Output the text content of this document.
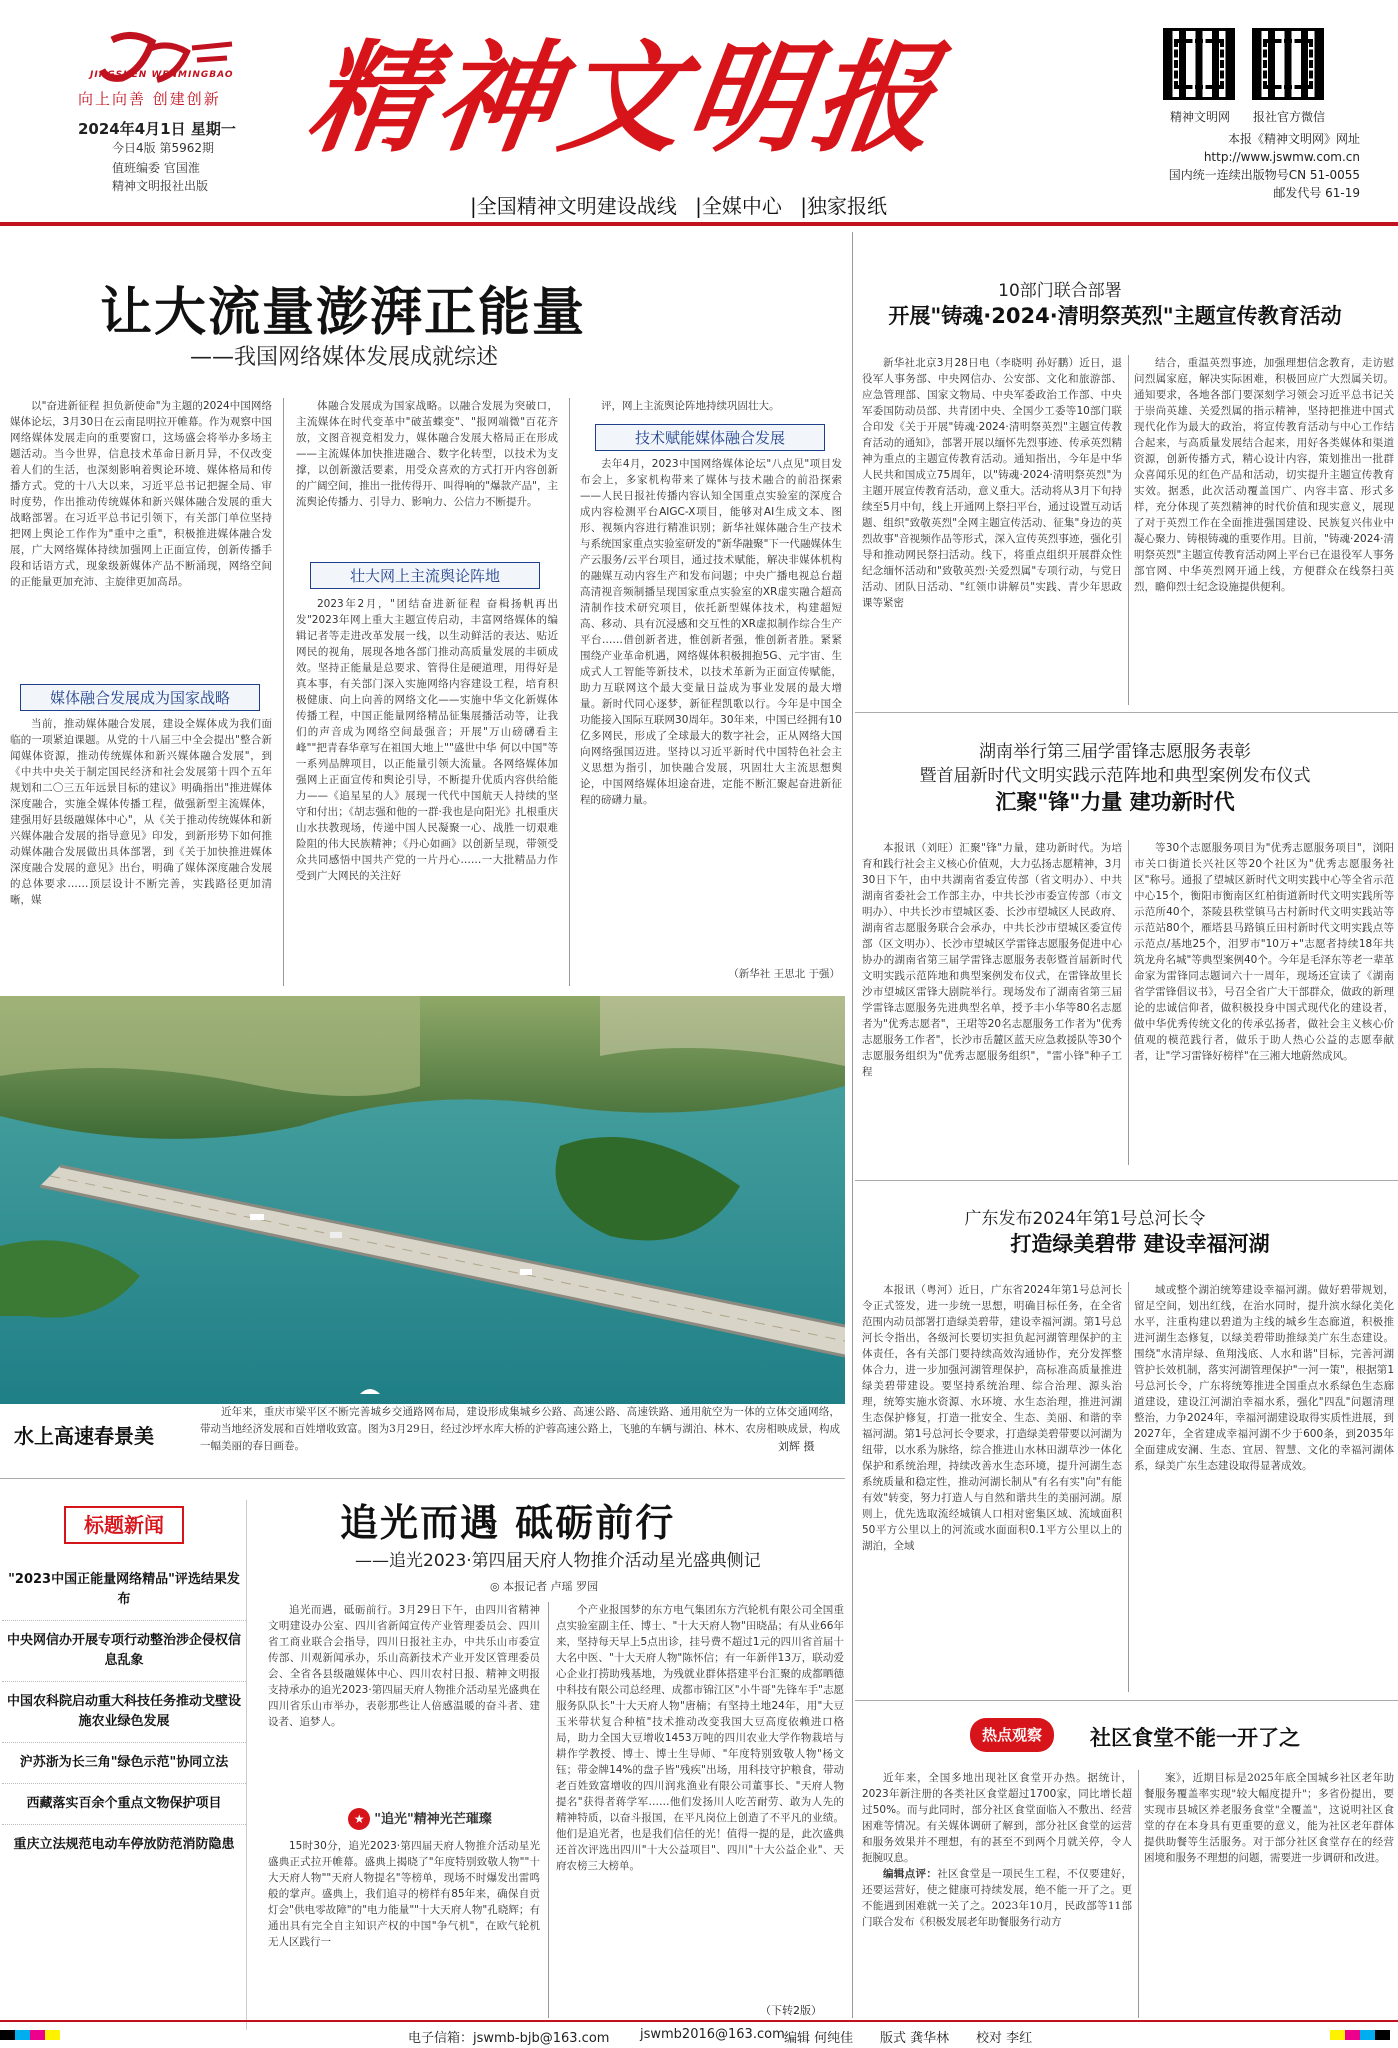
JINGSHEN WENMINGBAO
向上向善 创建创新
2024年4月1日 星期一
今日4版 第5962期
值班编委 官国淮
精神文明报社出版
精神文明报
|全国精神文明建设战线 |全媒中心 |独家报纸
精神文明网	报社官方微信
本报《精神文明网》网址
http://www.jswmw.com.cn
国内统一连续出版物号CN 51-0055
邮发代号 61-19
让大流量澎湃正能量
——我国网络媒体发展成就综述

以"奋进新征程 担负新使命"为主题的2024中国网络媒体论坛，3月30日在云南昆明拉开帷幕。作为观察中国网络媒体发展走向的重要窗口，这场盛会将举办多场主题活动。当今世界，信息技术革命日新月异，不仅改变着人们的生活，也深刻影响着舆论环境、媒体格局和传播方式。党的十八大以来，习近平总书记把握全局、审时度势，作出推动传统媒体和新兴媒体融合发展的重大战略部署。在习近平总书记引领下，有关部门单位坚持把网上舆论工作作为"重中之重"，积极推进媒体融合发展，广大网络媒体持续加强网上正面宣传，创新传播手段和话语方式，现象级新媒体产品不断涌现，网络空间的正能量更加充沛、主旋律更加高昂。

媒体融合发展成为国家战略

当前，推动媒体融合发展，建设全媒体成为我们面临的一项紧迫课题。从党的十八届三中全会提出"整合新闻媒体资源，推动传统媒体和新兴媒体融合发展"，到《中共中央关于制定国民经济和社会发展第十四个五年规划和二〇三五年远景目标的建议》明确指出"推进媒体深度融合，实施全媒体传播工程，做强新型主流媒体，建强用好县级融媒体中心"，从《关于推动传统媒体和新兴媒体融合发展的指导意见》印发，到新形势下如何推动媒体融合发展做出具体部署，到《关于加快推进媒体深度融合发展的意见》出台，明确了媒体深度融合发展的总体要求……顶层设计不断完善，实践路径更加清晰，媒

体融合发展成为国家战略。以融合发展为突破口，主流媒体在时代变革中"破茧蝶变"、"报网端微"百花齐放，文图音视竞相发力，媒体融合发展大格局正在形成——主流媒体加快推进融合、数字化转型，以技术为支撑，以创新激活要素，用受众喜欢的方式打开内容创新的广阔空间，推出一批传得开、叫得响的"爆款产品"，主流舆论传播力、引导力、影响力、公信力不断提升。

壮大网上主流舆论阵地

2023年2月，"团结奋进新征程 奋楫扬帆再出发"2023年网上重大主题宣传启动，丰富网络媒体的编辑记者等走进改革发展一线，以生动鲜活的表达、贴近网民的视角，展现各地各部门推动高质量发展的丰硕成效。坚持正能量是总要求、管得住是硬道理，用得好是真本事，有关部门深入实施网络内容建设工程，培育积极健康、向上向善的网络文化——实施中华文化新媒体传播工程，中国正能量网络精品征集展播活动等，让我们的声音成为网络空间最强音；开展"万山磅礴看主峰""把青春华章写在祖国大地上""盛世中华 何以中国"等一系列品牌项目，以正能量引领大流量。各网络媒体加强网上正面宣传和舆论引导，不断提升优质内容供给能力——《追星星的人》展现一代代中国航天人持续的坚守和付出；《胡志强和他的一群·我也是向阳光》扎根重庆山水扶教现场，传递中国人民凝聚一心、战胜一切艰难险阻的伟大民族精神；《丹心如画》以创新呈现，带领受众共同感悟中国共产党的一片丹心……一大批精品力作受到广大网民的关注好

评，网上主流舆论阵地持续巩固壮大。

技术赋能媒体融合发展

去年4月，2023中国网络媒体论坛"八点见"项目发布会上，多家机构带来了媒体与技术融合的前沿探索——人民日报社传播内容认知全国重点实验室的深度合成内容检测平台AIGC-X项目，能够对AI生成文本、图形、视频内容进行精准识别；新华社媒体融合生产技术与系统国家重点实验室研发的"新华融聚"下一代融媒体生产云服务/云平台项目，通过技术赋能，解决非媒体机构的融媒互动内容生产和发布问题；中央广播电视总台超高清视音频制播呈现国家重点实验室的XR虚实融合超高清制作技术研究项目，依托新型媒体技术，构建超短高、移动、具有沉浸感和交互性的XR虚拟制作综合生产平台……借创新者进，惟创新者强，惟创新者胜。紧紧围绕产业革命机遇，网络媒体积极拥抱5G、元宇宙、生成式人工智能等新技术，以技术革新为正面宣传赋能，助力互联网这个最大变量日益成为事业发展的最大增量。新时代同心逐梦，新征程凯歌以行。今年是中国全功能接入国际互联网30周年。30年来，中国已经拥有10亿多网民，形成了全球最大的数字社会，正从网络大国向网络强国迈进。坚持以习近平新时代中国特色社会主义思想为指引，加快融合发展，巩固壮大主流思想舆论，中国网络媒体坦途奋进，定能不断汇聚起奋进新征程的磅礴力量。

（新华社 王思北 于强）
水上高速春景美

近年来，重庆市梁平区不断完善城乡交通路网布局，建设形成集城乡公路、高速公路、高速铁路、通用航空为一体的立体交通网络，带动当地经济发展和百姓增收致富。图为3月29日，经过沙坪水库大桥的沪蓉高速公路上，飞驰的车辆与湖泊、林木、农房相映成景，构成一幅美丽的春日画卷。	刘辉 摄
10部门联合部署
开展"铸魂·2024·清明祭英烈"主题宣传教育活动

新华社北京3月28日电（李晓明 孙好鹏）近日，退役军人事务部、中央网信办、公安部、文化和旅游部、应急管理部、国家文物局、中央军委政治工作部、中央军委国防动员部、共青团中央、全国少工委等10部门联合印发《关于开展"铸魂·2024·清明祭英烈"主题宣传教育活动的通知》，部署开展以缅怀先烈事迹、传承英烈精神为重点的主题宣传教育活动。通知指出，今年是中华人民共和国成立75周年，以"铸魂·2024·清明祭英烈"为主题开展宣传教育活动，意义重大。活动将从3月下旬持续至5月中旬，线上开通网上祭扫平台，通过设置互动话题、组织"致敬英烈"全网主题宣传活动、征集"身边的英烈故事"音视频作品等形式，深入宣传英烈事迹，强化引导和推动网民祭扫活动。线下，将重点组织开展群众性纪念缅怀活动和"致敬英烈·关爱烈属"专项行动，与党日活动、团队日活动、"红领巾讲解员"实践、青少年思政课等紧密

结合，重温英烈事迹，加强理想信念教育，走访慰问烈属家庭，解决实际困难，积极回应广大烈属关切。通知要求，各地各部门要深刻学习领会习近平总书记关于崇尚英雄、关爱烈属的指示精神，坚持把推进中国式现代化作为最大的政治，将宣传教育活动与中心工作结合起来，与高质量发展结合起来，用好各类媒体和渠道资源，创新传播方式，精心设计内容，策划推出一批群众喜闻乐见的红色产品和活动，切实提升主题宣传教育实效。据悉，此次活动覆盖国广、内容丰富、形式多样，充分体现了英烈精神的时代价值和现实意义，展现了对于英烈工作在全面推进强国建设、民族复兴伟业中凝心聚力、铸根铸魂的重要作用。目前，"铸魂·2024·清明祭英烈"主题宣传教育活动网上平台已在退役军人事务部官网、中华英烈网开通上线，方便群众在线祭扫英烈，瞻仰烈士纪念设施提供便利。

湖南举行第三届学雷锋志愿服务表彰
暨首届新时代文明实践示范阵地和典型案例发布仪式
汇聚"锋"力量 建功新时代

本报讯（刘旺）汇聚"锋"力量，建功新时代。为培育和践行社会主义核心价值观，大力弘扬志愿精神，3月30日下午，由中共湖南省委宣传部（省文明办）、中共湖南省委社会工作部主办，中共长沙市委宣传部（市文明办）、中共长沙市望城区委、长沙市望城区人民政府、湖南省志愿服务联合会承办，中共长沙市望城区委宣传部（区文明办）、长沙市望城区学雷锋志愿服务促进中心协办的湖南省第三届学雷锋志愿服务表彰暨首届新时代文明实践示范阵地和典型案例发布仪式，在雷锋故里长沙市望城区雷锋大剧院举行。现场发布了湖南省第三届学雷锋志愿服务先进典型名单，授予丰小华等80名志愿者为"优秀志愿者"，王珺等20名志愿服务工作者为"优秀志愿服务工作者"，长沙市岳麓区蓝天应急救援队等30个志愿服务组织为"优秀志愿服务组织"，"雷小锋"种子工程

等30个志愿服务项目为"优秀志愿服务项目"，浏阳市关口街道长兴社区等20个社区为"优秀志愿服务社区"称号。通报了望城区新时代文明实践中心等全省示范中心15个，衡阳市衡南区红柏街道新时代文明实践所等示范所40个，茶陵县秩堂镇马古村新时代文明实践站等示范站80个，雁塔县马路镇丘田村新时代文明实践点等示范点/基地25个，泪罗市"10万+"志愿者持续18年共筑龙舟名城"等典型案例40个。今年是毛泽东等老一辈革命家为雷锋同志题词六十一周年，现场还宣读了《湖南省学雷锋倡议书》，号召全省广大干部群众，做政的新理论的忠诚信仰者，做积极投身中国式现代化的建设者，做中华优秀传统文化的传承弘扬者，做社会主义核心价值观的模范践行者，做乐于助人热心公益的志愿奉献者，让"学习雷锋好榜样"在三湘大地蔚然成风。

广东发布2024年第1号总河长令
打造绿美碧带 建设幸福河湖

本报讯（粤河）近日，广东省2024年第1号总河长令正式签发，进一步统一思想，明确目标任务，在全省范围内动员部署打造绿美碧带，建设幸福河湖。第1号总河长令指出，各级河长要切实担负起河湖管理保护的主体责任，各有关部门要持续高效沟通协作，充分发挥整体合力，进一步加强河湖管理保护，高标准高质量推进绿美碧带建设。要坚持系统治理、综合治理、源头治理，统筹实施水资源、水环境、水生态治理，推进河湖生态保护修复，打造一批安全、生态、美丽、和谐的幸福河湖。第1号总河长令要求，打造绿美碧带要以河湖为纽带，以水系为脉络，综合推进山水林田湖草沙一体化保护和系统治理，持续改善水生态环境，提升河湖生态系统质量和稳定性，推动河湖长制从"有名有实"向"有能有效"转变，努力打造人与自然和谐共生的美丽河湖。原则上，优先选取流经城镇人口相对密集区域、流域面积50平方公里以上的河流或水面面积0.1平方公里以上的湖泊，全域

域或整个湖泊统筹建设幸福河湖。做好碧带规划，留足空间，划出红线，在治水同时，提升滨水绿化美化水平，注重构建以碧道为主线的城乡生态廊道，积极推进河湖生态修复，以绿美碧带助推绿美广东生态建设。围绕"水清岸绿、鱼翔浅底、人水和谐"目标，完善河湖管护长效机制，落实河湖管理保护"一河一策"，根据第1号总河长令，广东将统筹推进全国重点水系绿色生态廊道建设，建设江河湖泊幸福水系，强化"四乱"问题清理整治，力争2024年，幸福河湖建设取得实质性进展，到2027年，全省建成幸福河湖不少于600条，到2035年全面建成安澜、生态、宜居、智慧、文化的幸福河湖体系，绿美广东生态建设取得显著成效。

热点观察	社区食堂不能一开了之

近年来，全国多地出现社区食堂开办热。据统计，2023年新注册的各类社区食堂超过1700家，同比增长超过50%。而与此同时，部分社区食堂面临入不敷出、经营困难等情况。有关媒体调研了解到，部分社区食堂的运营和服务效果并不理想，有的甚至不到两个月就关停，令人扼腕叹息。

编辑点评：社区食堂是一项民生工程，不仅要建好，还要运营好，使之健康可持续发展，绝不能一开了之。更不能遇到困难就一关了之。2023年10月，民政部等11部门联合发布《积极发展老年助餐服务行动方

案》，近期目标是2025年底全国城乡社区老年助餐服务覆盖率实现"较大幅度提升"；多省份提出，要实现市县城区养老服务食堂"全覆盖"，这说明社区食堂的存在本身具有更重要的意义，能为社区老年群体提供助餐等生活服务。对于部分社区食堂存在的经营困境和服务不理想的问题，需要进一步调研和改进。

标题新闻
"2023中国正能量网络精品"评选结果发布
中央网信办开展专项行动整治涉企侵权信息乱象
中国农科院启动重大科技任务推动戈壁设施农业绿色发展
沪苏浙为长三角"绿色示范"协同立法
西藏落实百余个重点文物保护项目
重庆立法规范电动车停放防范消防隐患
追光而遇 砥砺前行
——追光2023·第四届天府人物推介活动星光盛典侧记
◎ 本报记者 卢瑶 罗园

追光而遇，砥砺前行。3月29日下午，由四川省精神文明建设办公室、四川省新闻宣传产业管理委员会、四川省工商业联合会指导，四川日报社主办，中共乐山市委宣传部、川观新闻承办，乐山高新技术产业开发区管理委员会、全省各县级融媒体中心、四川农村日报、精神文明报支持承办的追光2023·第四届天府人物推介活动星光盛典在四川省乐山市举办，表彰那些让人倍感温暖的奋斗者、建设者、追梦人。

★ "追光"精神光芒璀璨

15时30分，追光2023·第四届天府人物推介活动星光盛典正式拉开帷幕。盛典上揭晓了"年度特别致敬人物""十大天府人物""天府人物提名"等榜单，现场不时爆发出雷鸣般的掌声。盛典上，我们追寻的榜样有85年来，确保自贡灯会"供电零故障"的"电力能量""十大天府人物"孔晓辉；有通出具有完全自主知识产权的中国"争气机"，在欧气轮机无人区践行一

个产业报国梦的东方电气集团东方汽轮机有限公司全国重点实验室副主任、博士、"十大天府人物"田晓晶；有从业66年来，坚持每天早上5点出诊，挂号费不超过1元的四川省首届十大名中医、"十大天府人物"陈怀信；有一年新伴13万，联动爱心企业打捞助残基地，为残就业群体搭建平台汇聚的成都晒德中科技有限公司总经理、成都市锦江区"小牛哥"先锋车手"志愿服务队队长"十大天府人物"唐楠；有坚持土地24年，用"大豆玉米带状复合种植"技术推动改变我国大豆高度依赖进口格局，助力全国大豆增收1453万吨的四川农业大学作物栽培与耕作学教授、博士、博士生导师、"年度特别致敬人物"杨文钰；带金牌14%的盘子皆"残疾"出场，用科技守护粮食，带动老百姓致富增收的四川润兆渔业有限公司董事长、"天府人物提名"获得者蒋学军……他们发扬川人吃苦耐劳、敢为人先的精神特质，以奋斗报国，在平凡岗位上创造了不平凡的业绩。他们是追光者，也是我们信任的光！值得一提的是，此次盛典还首次评选出四川"十大公益项目"、四川"十大公益企业"、天府农榜三大榜单。

（下转2版）
电子信箱：jswmb-bjb@163.com jswmb2016@163.com 编辑 何纯佳 版式 龚华林 校对 李红
